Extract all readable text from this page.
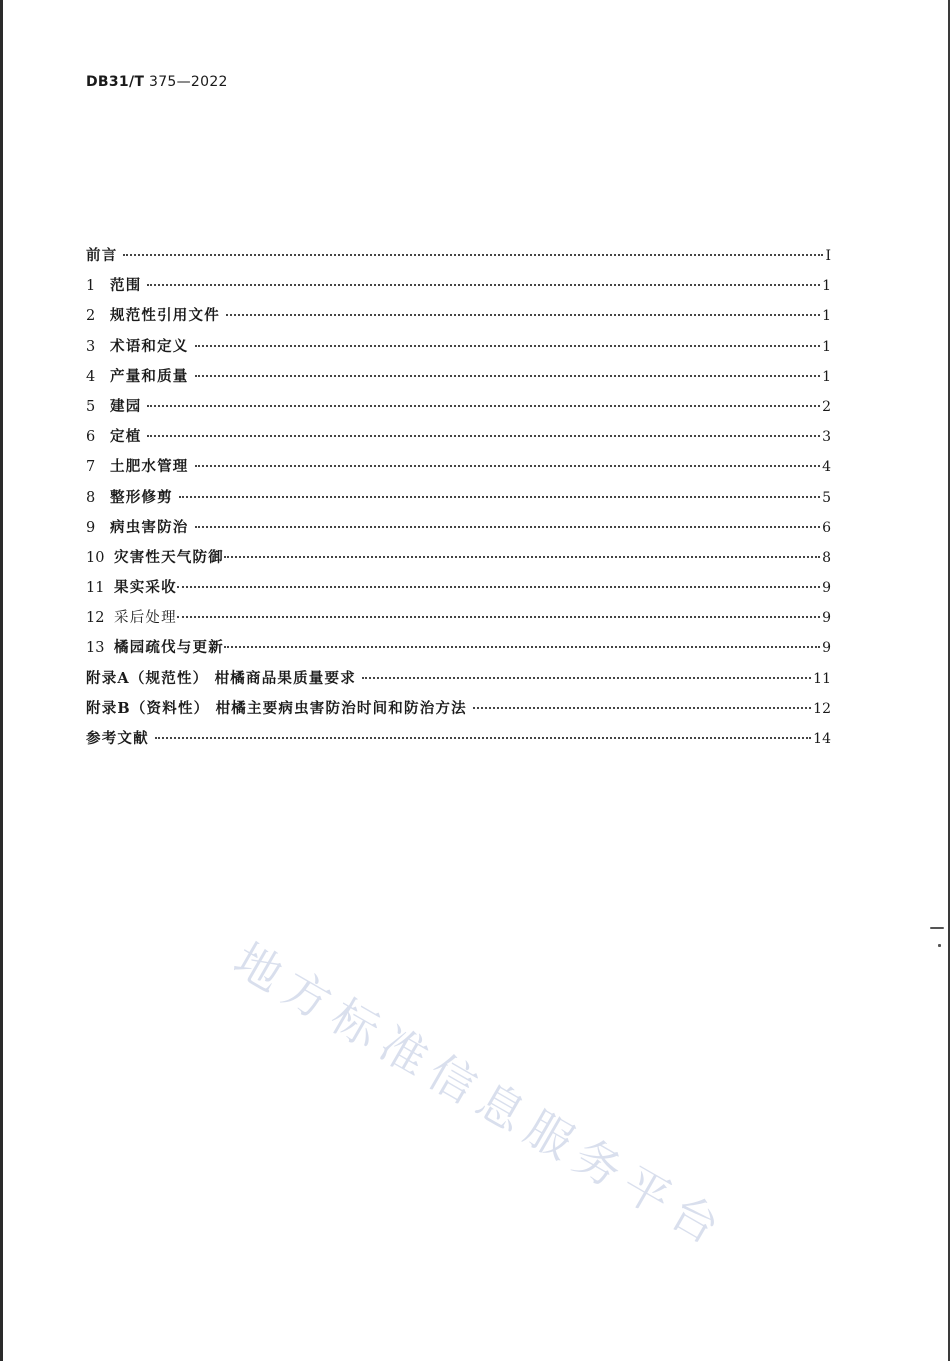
DB31/T 375—2022
前言	I
1	范围	1
2	规范性引用文件	1
3	术语和定义	1
4	产量和质量	1
5	建园	2
6	定植	3
7	土肥水管理	4
8	整形修剪	5
9	病虫害防治	6
10 灾害性天气防御	8
11 果实采收	9
12 采后处理	9
13 橘园疏伐与更新	9
附录A（规范性） 柑橘商品果质量要求	11
附录B（资料性） 柑橘主要病虫害防治时间和防治方法	12
参考文献	14
地方标准信息服务平台
